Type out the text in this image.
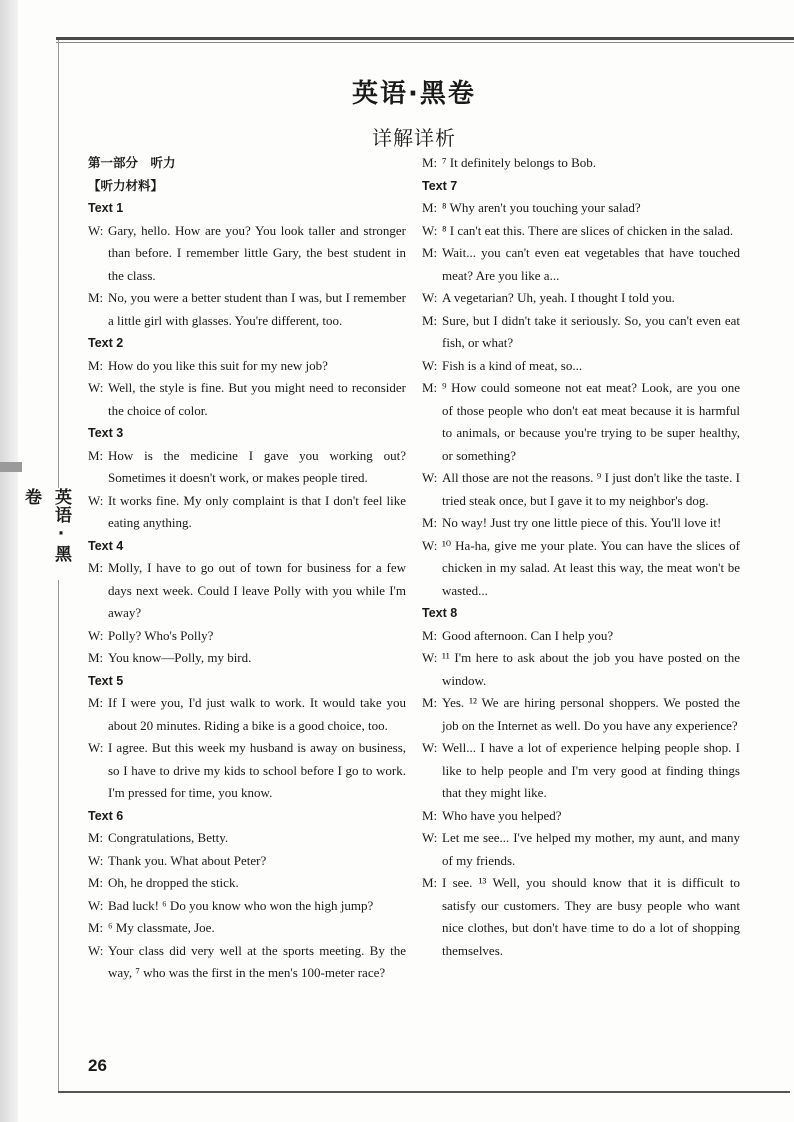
英语·黑卷
详解详析
英语·黑卷
第一部分　听力
【听力材料】
Text 1

W: Gary, hello. How are you? You look taller and stronger than before. I remember little Gary, the best student in the class.

M: No, you were a better student than I was, but I remember a little girl with glasses. You're different, too.

Text 2

M: How do you like this suit for my new job?

W: Well, the style is fine. But you might need to reconsider the choice of color.

Text 3

M: How is the medicine I gave you working out? Sometimes it doesn't work, or makes people tired.

W: It works fine. My only complaint is that I don't feel like eating anything.

Text 4

M: Molly, I have to go out of town for business for a few days next week. Could I leave Polly with you while I'm away?

W: Polly? Who's Polly?

M: You know—Polly, my bird.

Text 5

M: If I were you, I'd just walk to work. It would take you about 20 minutes. Riding a bike is a good choice, too.

W: I agree. But this week my husband is away on business, so I have to drive my kids to school before I go to work. I'm pressed for time, you know.

Text 6

M: Congratulations, Betty.

W: Thank you. What about Peter?

M: Oh, he dropped the stick.

W: Bad luck! ⁶ Do you know who won the high jump?

M: ⁶ My classmate, Joe.

W: Your class did very well at the sports meeting. By the way, ⁷ who was the first in the men's 100-meter race?

M: ⁷ It definitely belongs to Bob.

Text 7

M: ⁸ Why aren't you touching your salad?

W: ⁸ I can't eat this. There are slices of chicken in the salad.

M: Wait... you can't even eat vegetables that have touched meat? Are you like a...

W: A vegetarian? Uh, yeah. I thought I told you.

M: Sure, but I didn't take it seriously. So, you can't even eat fish, or what?

W: Fish is a kind of meat, so...

M: ⁹ How could someone not eat meat? Look, are you one of those people who don't eat meat because it is harmful to animals, or because you're trying to be super healthy, or something?

W: All those are not the reasons. ⁹ I just don't like the taste. I tried steak once, but I gave it to my neighbor's dog.

M: No way! Just try one little piece of this. You'll love it!

W: ¹⁰ Ha-ha, give me your plate. You can have the slices of chicken in my salad. At least this way, the meat won't be wasted...

Text 8

M: Good afternoon. Can I help you?

W: ¹¹ I'm here to ask about the job you have posted on the window.

M: Yes. ¹² We are hiring personal shoppers. We posted the job on the Internet as well. Do you have any experience?

W: Well... I have a lot of experience helping people shop. I like to help people and I'm very good at finding things that they might like.

M: Who have you helped?

W: Let me see... I've helped my mother, my aunt, and many of my friends.

M: I see. ¹³ Well, you should know that it is difficult to satisfy our customers. They are busy people who want nice clothes, but don't have time to do a lot of shopping themselves.

26
